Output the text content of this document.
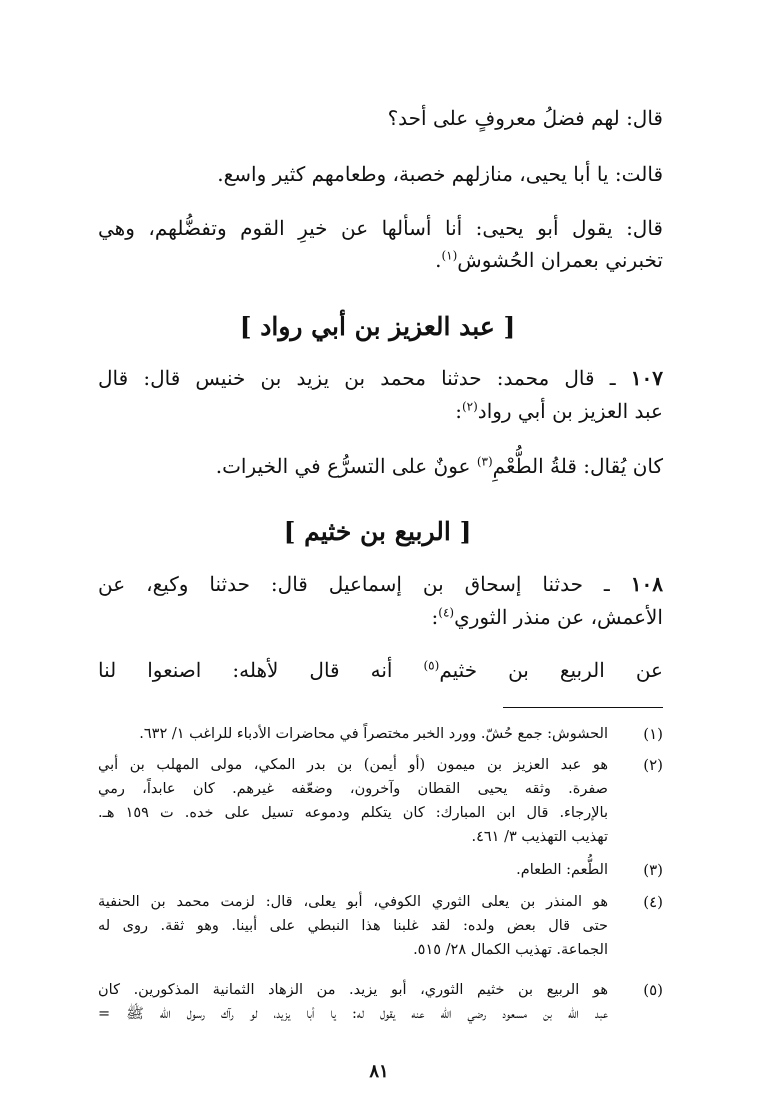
قال: لهم فضلُ معروفٍ على أحد؟
قالت: يا أبا يحيى، منازلهم خصبة، وطعامهم كثير واسع.
قال: يقول أبو يحيى: أنا أسألها عن خيرِ القوم وتفضُّلهم، وهي
تخبرني بعمران الحُشوش$^{(١)}$.
[ عبد العزيز بن أبي رواد ]
١٠٧ ـ قال محمد: حدثنا محمد بن يزيد بن خنيس قال: قال
عبد العزيز بن أبي رواد$^{(٢)}$:
كان يُقال: قلةُ الطُّعْمِ$^{(٣)}$ عونٌ على التسرُّع في الخيرات.
[ الربيع بن خثيم ]
١٠٨ ـ حدثنا إسحاق بن إسماعيل قال: حدثنا وكيع، عن
الأعمش، عن منذر الثوري$^{(٤)}$:
عن الربيع بن خثيم$^{(٥)}$ أنه قال لأهله: اصنعوا لنا
(١)
الحشوش: جمع حُشّ. وورد الخبر مختصراً في محاضرات الأدباء للراغب ١/ ٦٣٢.
(٢)
هو عبد العزيز بن ميمون (أو أيمن) بن بدر المكي، مولى المهلب بن أبي
صفرة. وثقه يحيى القطان وآخرون، وضعّفه غيرهم. كان عابداً، رمي
بالإرجاء. قال ابن المبارك: كان يتكلم ودموعه تسيل على خده. ت ١٥٩ هـ.
تهذيب التهذيب ٣/ ٤٦١.
(٣)
الطُّعم: الطعام.
(٤)
هو المنذر بن يعلى الثوري الكوفي، أبو يعلى، قال: لزمت محمد بن الحنفية
حتى قال بعض ولده: لقد غلبنا هذا النبطي على أبينا. وهو ثقة. روى له
الجماعة. تهذيب الكمال ٢٨/ ٥١٥.
(٥)
هو الربيع بن خثيم الثوري، أبو يزيد. من الزهاد الثمانية المذكورين. كان
عبد الله بن مسعود رضي الله عنه يقول له: يا أبا يزيد، لو رآك رسول الله ﷺ =
٨١
